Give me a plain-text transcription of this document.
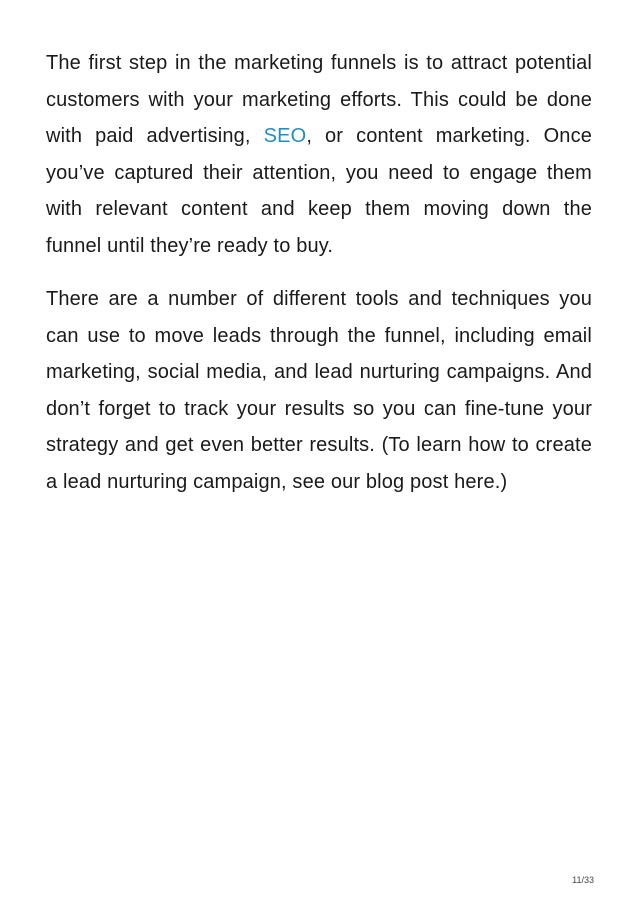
The first step in the marketing funnels is to attract potential customers with your marketing efforts. This could be done with paid advertising, SEO, or content marketing. Once you’ve captured their attention, you need to engage them with relevant content and keep them moving down the funnel until they’re ready to buy.

There are a number of different tools and techniques you can use to move leads through the funnel, including email marketing, social media, and lead nurturing campaigns. And don’t forget to track your results so you can fine-tune your strategy and get even better results. (To learn how to create a lead nurturing campaign, see our blog post here.)

11/33
